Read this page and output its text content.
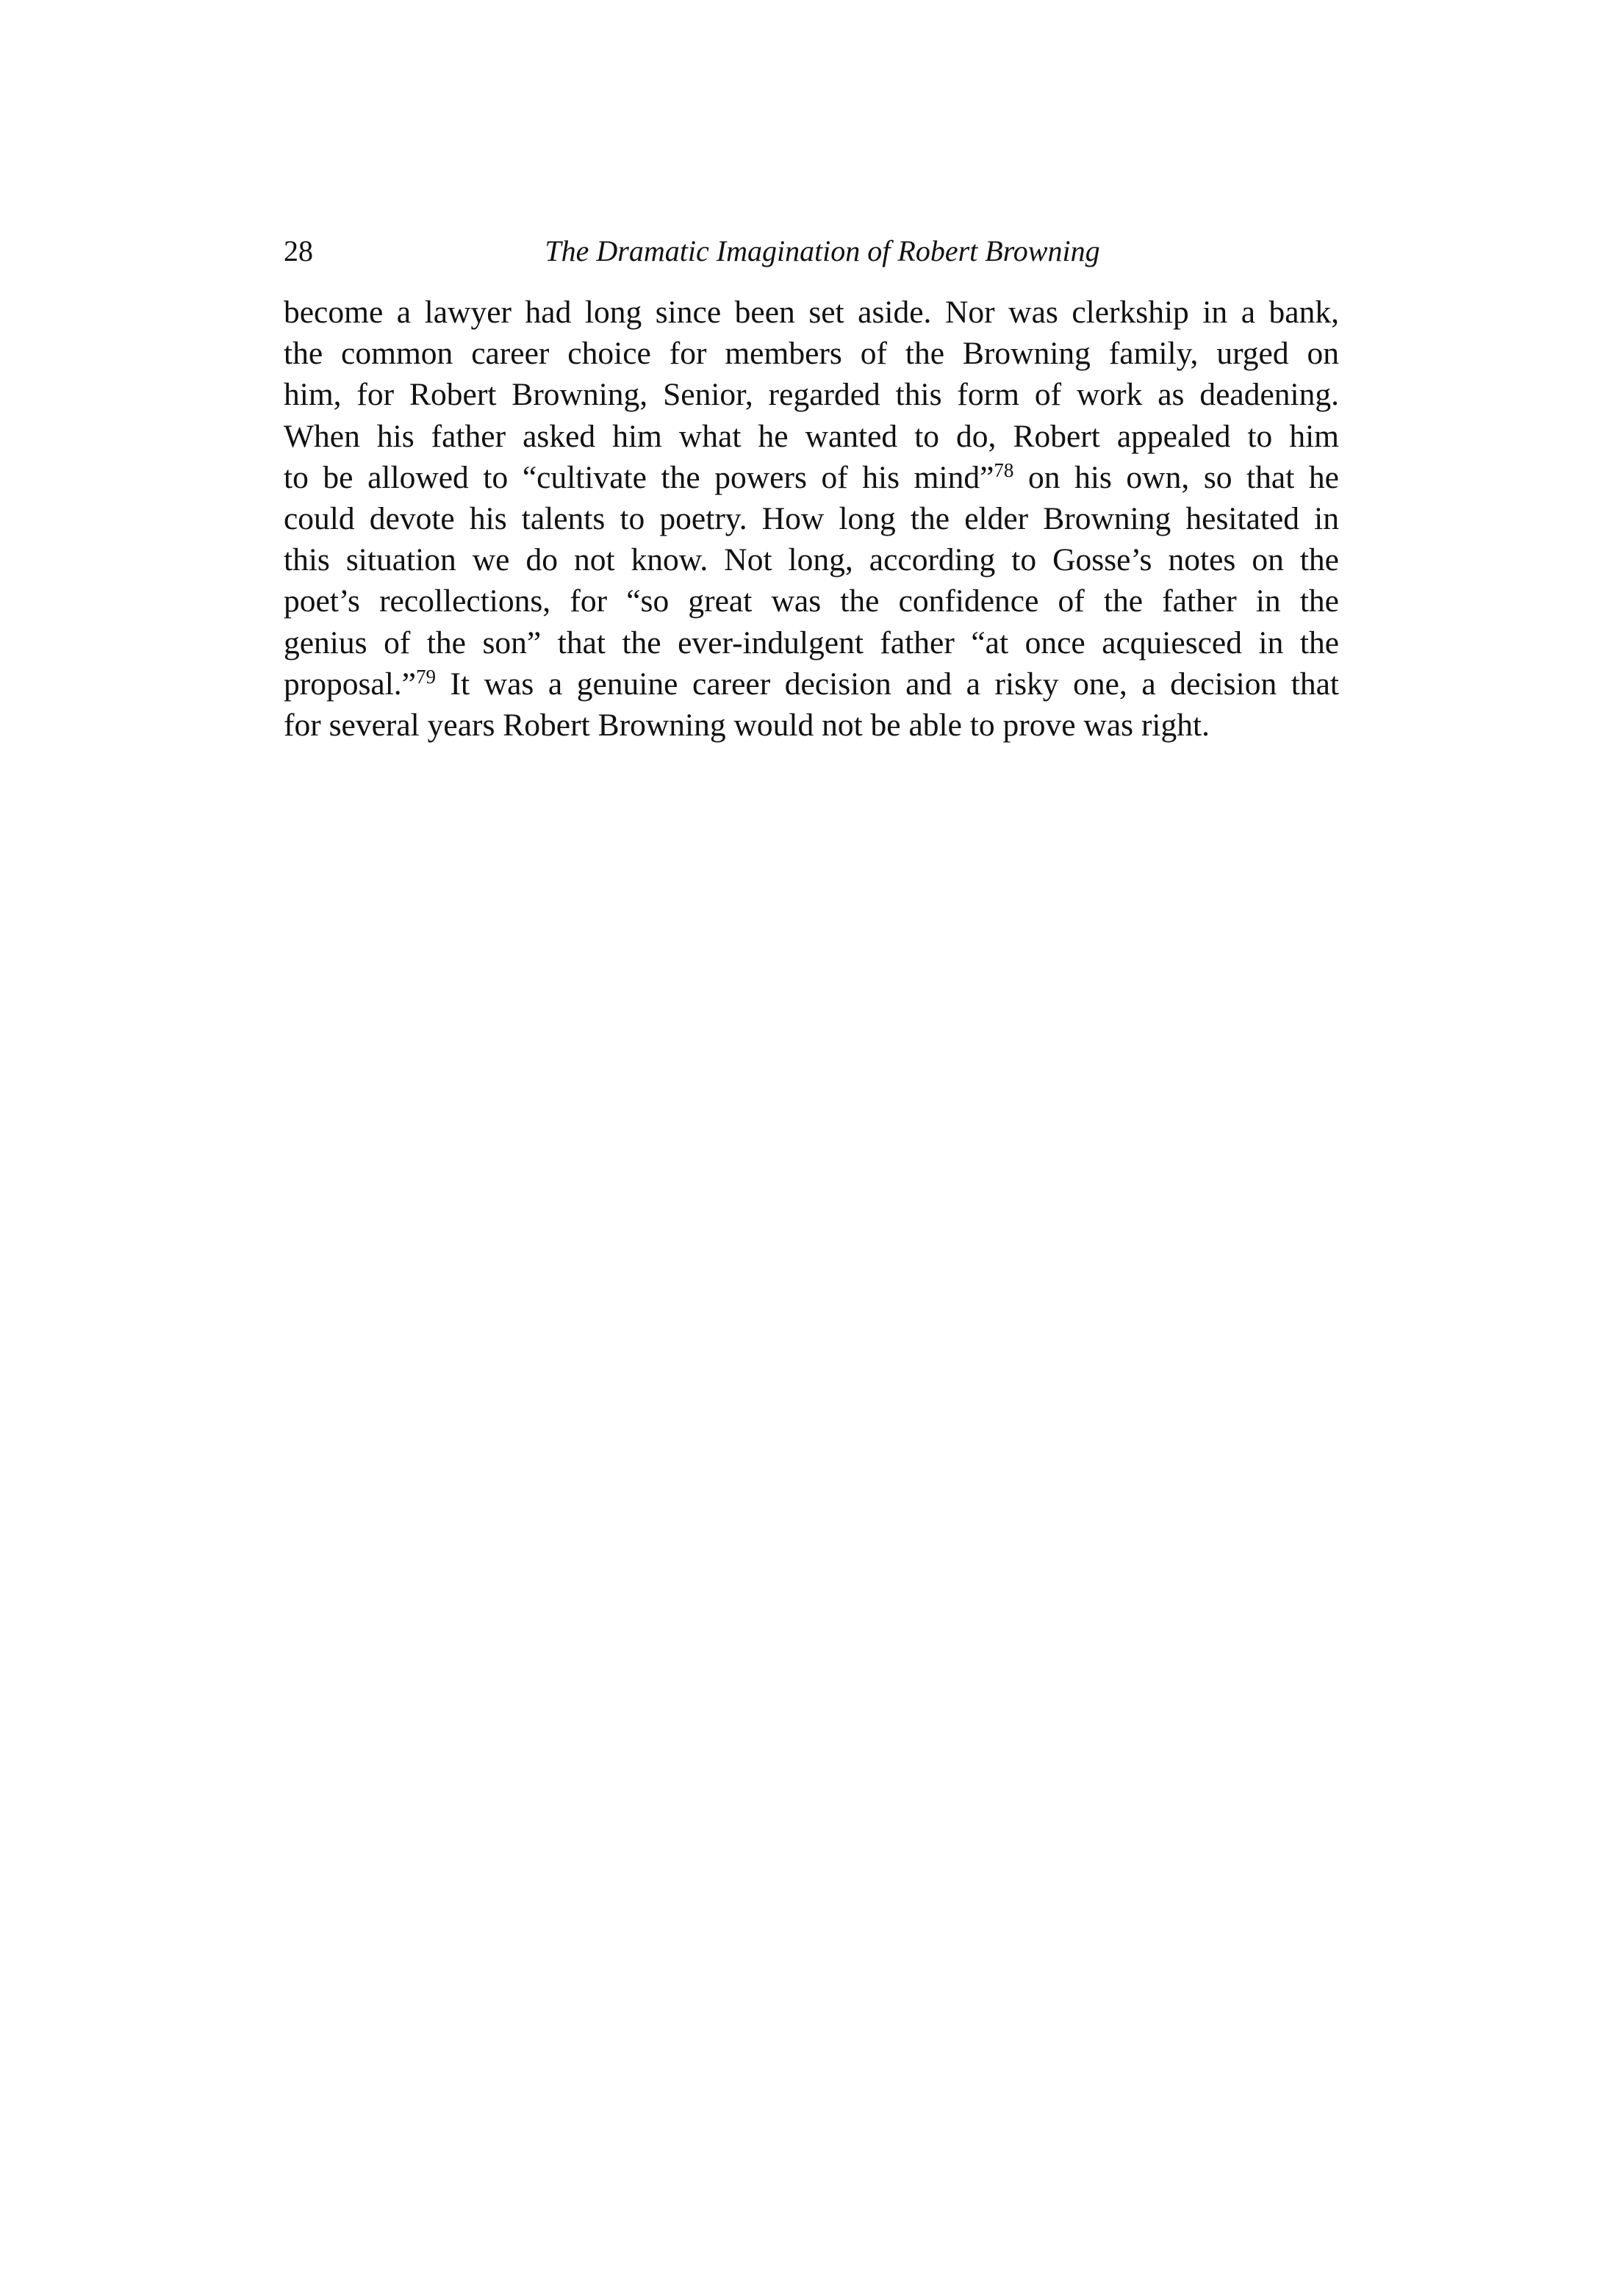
28	The Dramatic Imagination of Robert Browning
become a lawyer had long since been set aside. Nor was clerkship in a bank,
the common career choice for members of the Browning family, urged on
him, for Robert Browning, Senior, regarded this form of work as deadening.
When his father asked him what he wanted to do, Robert appealed to him
to be allowed to “cultivate the powers of his mind”$^{78}$ on his own, so that he
could devote his talents to poetry. How long the elder Browning hesitated in
this situation we do not know. Not long, according to Gosse’s notes on the
poet’s recollections, for “so great was the confidence of the father in the
genius of the son” that the ever-indulgent father “at once acquiesced in the
proposal.”$^{79}$ It was a genuine career decision and a risky one, a decision that
for several years Robert Browning would not be able to prove was right.
